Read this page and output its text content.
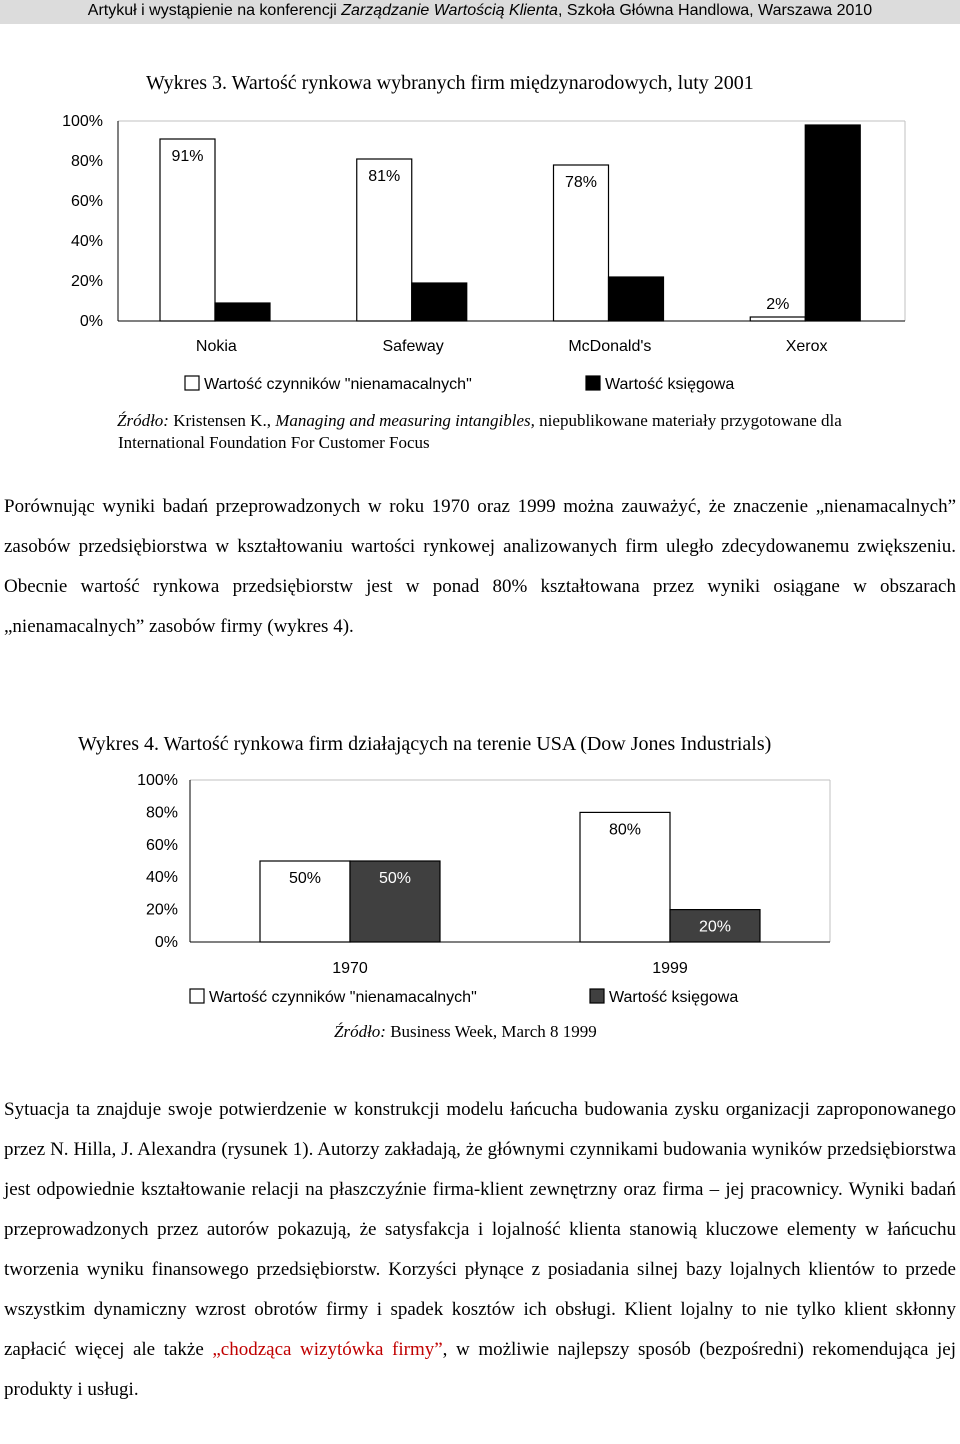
Artykuł i wystąpienie na konferencji Zarządzanie Wartością Klienta, Szkoła Główna Handlowa, Warszawa 2010
Wykres 3. Wartość rynkowa wybranych firm międzynarodowych, luty 2001
100%
80%
60%
40%
20%
0%
91%
81%	78%
2%
Nokia	Safeway	McDonald's	Xerox
Wartość czynników "nienamacalnych"	Wartość księgowa
Źródło: Kristensen K., Managing and measuring intangibles, niepublikowane materiały przygotowane dla
International Foundation For Customer Focus

Porównując wyniki badań przeprowadzonych w roku 1970 oraz 1999 można zauważyć, że znaczenie „nienamacalnych” zasobów przedsiębiorstwa w kształtowaniu wartości rynkowej analizowanych firm uległo zdecydowanemu zwiększeniu. Obecnie wartość rynkowa przedsiębiorstw jest w ponad 80% kształtowana przez wyniki osiągane w obszarach „nienamacalnych” zasobów firmy (wykres 4).

Wykres 4. Wartość rynkowa firm działających na terenie USA (Dow Jones Industrials)
100%
80%
60%
40%
20%
0%
50%	50%
80%
20%
1970	1999
Wartość czynników "nienamacalnych"	Wartość księgowa
Źródło: Business Week, March 8 1999

Sytuacja ta znajduje swoje potwierdzenie w konstrukcji modelu łańcucha budowania zysku organizacji zaproponowanego przez N. Hilla, J. Alexandra (rysunek 1). Autorzy zakładają, że głównymi czynnikami budowania wyników przedsiębiorstwa jest odpowiednie kształtowanie relacji na płaszczyźnie firma-klient zewnętrzny oraz firma – jej pracownicy. Wyniki badań przeprowadzonych przez autorów pokazują, że satysfakcja i lojalność klienta stanowią kluczowe elementy w łańcuchu tworzenia wyniku finansowego przedsiębiorstw. Korzyści płynące z posiadania silnej bazy lojalnych klientów to przede wszystkim dynamiczny wzrost obrotów firmy i spadek kosztów ich obsługi. Klient lojalny to nie tylko klient skłonny zapłacić więcej ale także „chodząca wizytówka firmy”, w możliwie najlepszy sposób (bezpośredni) rekomendująca jej produkty i usługi.
